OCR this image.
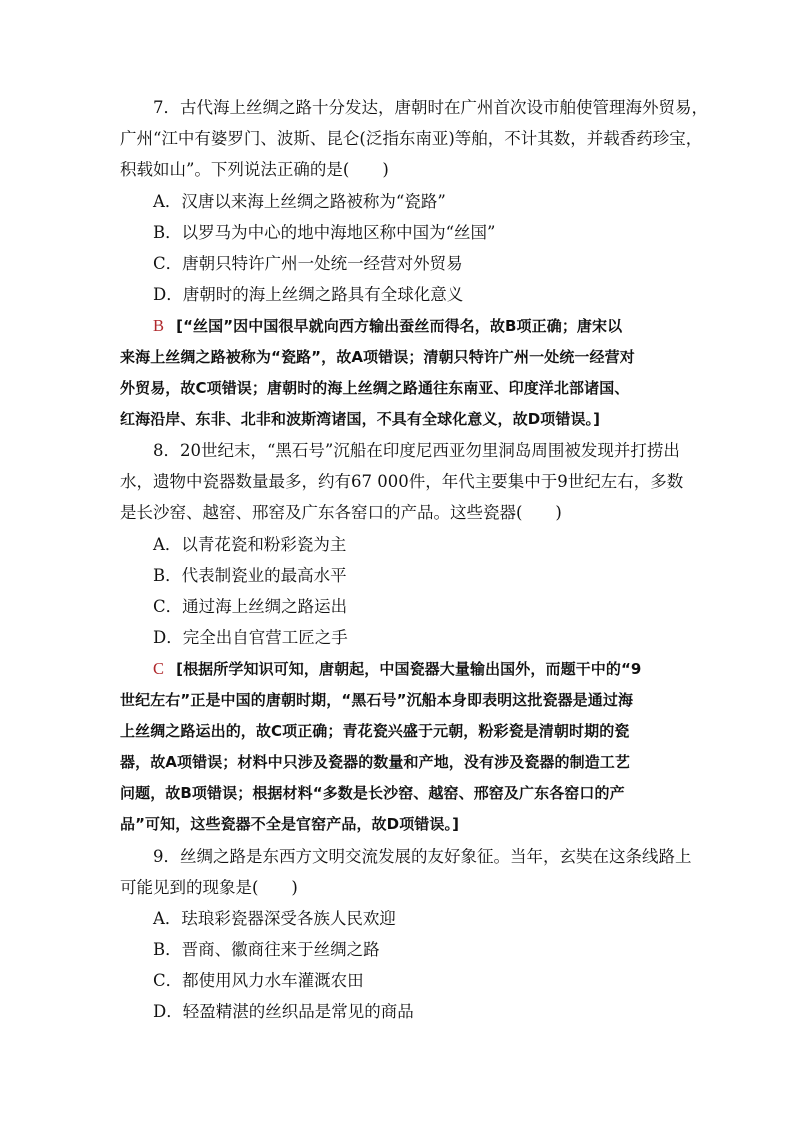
7．古代海上丝绸之路十分发达，唐朝时在广州首次设市舶使管理海外贸易，

广州“江中有婆罗门、波斯、昆仑(泛指东南亚)等舶，不计其数，并载香药珍宝，

积载如山”。下列说法正确的是(　　)

A．汉唐以来海上丝绸之路被称为“瓷路”

B．以罗马为中心的地中海地区称中国为“丝国”

C．唐朝只特许广州一处统一经营对外贸易

D．唐朝时的海上丝绸之路具有全球化意义

B [“丝国”因中国很早就向西方输出蚕丝而得名，故B项正确；唐宋以

来海上丝绸之路被称为“瓷路”，故A项错误；清朝只特许广州一处统一经营对

外贸易，故C项错误；唐朝时的海上丝绸之路通往东南亚、印度洋北部诸国、

红海沿岸、东非、北非和波斯湾诸国，不具有全球化意义，故D项错误。]

8．20世纪末，“黑石号”沉船在印度尼西亚勿里洞岛周围被发现并打捞出

水，遗物中瓷器数量最多，约有67 000件，年代主要集中于9世纪左右，多数

是长沙窑、越窑、邢窑及广东各窑口的产品。这些瓷器(　　)

A．以青花瓷和粉彩瓷为主

B．代表制瓷业的最高水平

C．通过海上丝绸之路运出

D．完全出自官营工匠之手

C [根据所学知识可知，唐朝起，中国瓷器大量输出国外，而题干中的“9

世纪左右”正是中国的唐朝时期，“黑石号”沉船本身即表明这批瓷器是通过海

上丝绸之路运出的，故C项正确；青花瓷兴盛于元朝，粉彩瓷是清朝时期的瓷

器，故A项错误；材料中只涉及瓷器的数量和产地，没有涉及瓷器的制造工艺

问题，故B项错误；根据材料“多数是长沙窑、越窑、邢窑及广东各窑口的产

品”可知，这些瓷器不全是官窑产品，故D项错误。]

9．丝绸之路是东西方文明交流发展的友好象征。当年，玄奘在这条线路上

可能见到的现象是(　　)

A．珐琅彩瓷器深受各族人民欢迎

B．晋商、徽商往来于丝绸之路

C．都使用风力水车灌溉农田

D．轻盈精湛的丝织品是常见的商品
